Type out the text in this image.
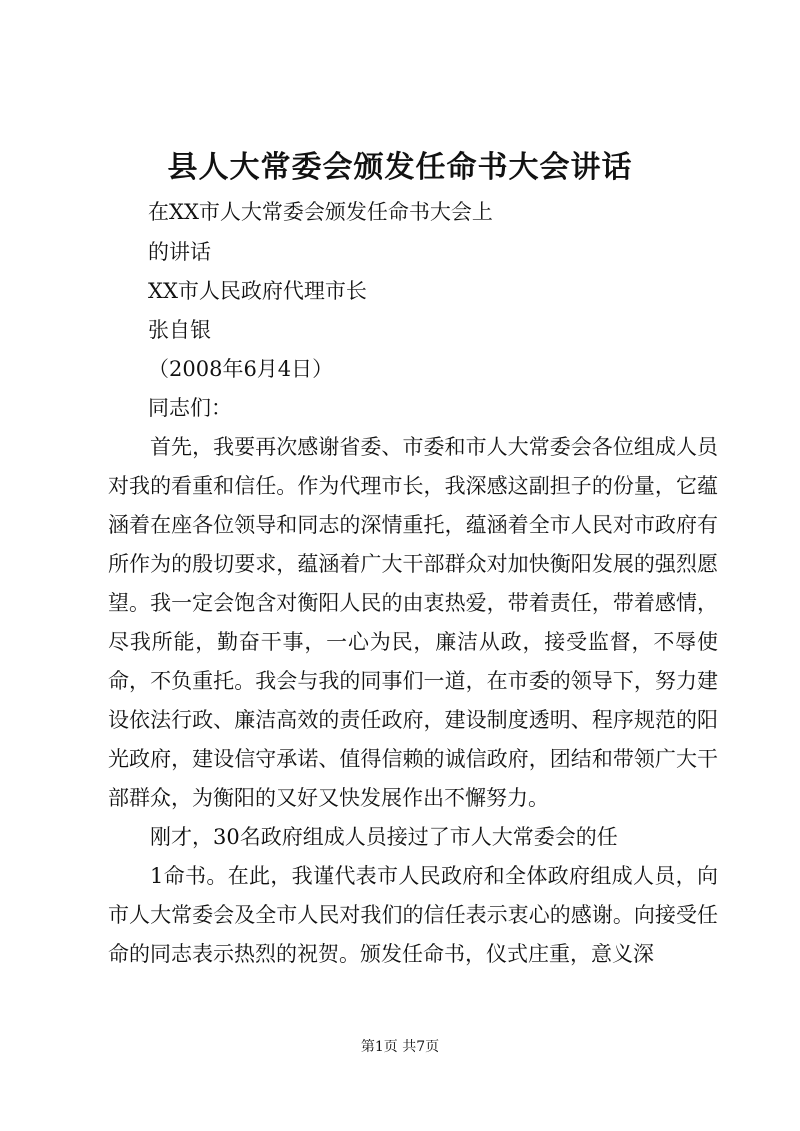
县人大常委会颁发任命书大会讲话

在XX市人大常委会颁发任命书大会上

的讲话

XX市人民政府代理市长

张自银

（2008年6月4日）

同志们：

首先，我要再次感谢省委、市委和市人大常委会各位组成人员对我的看重和信任。作为代理市长，我深感这副担子的份量，它蕴涵着在座各位领导和同志的深情重托，蕴涵着全市人民对市政府有所作为的殷切要求，蕴涵着广大干部群众对加快衡阳发展的强烈愿望。我一定会饱含对衡阳人民的由衷热爱，带着责任，带着感情，尽我所能，勤奋干事，一心为民，廉洁从政，接受监督，不辱使命，不负重托。我会与我的同事们一道，在市委的领导下，努力建设依法行政、廉洁高效的责任政府，建设制度透明、程序规范的阳光政府，建设信守承诺、值得信赖的诚信政府，团结和带领广大干部群众，为衡阳的又好又快发展作出不懈努力。

刚才，30名政府组成人员接过了市人大常委会的任

1命书。在此，我谨代表市人民政府和全体政府组成人员，向市人大常委会及全市人民对我们的信任表示衷心的感谢。向接受任命的同志表示热烈的祝贺。颁发任命书，仪式庄重，意义深

第1页 共7页
